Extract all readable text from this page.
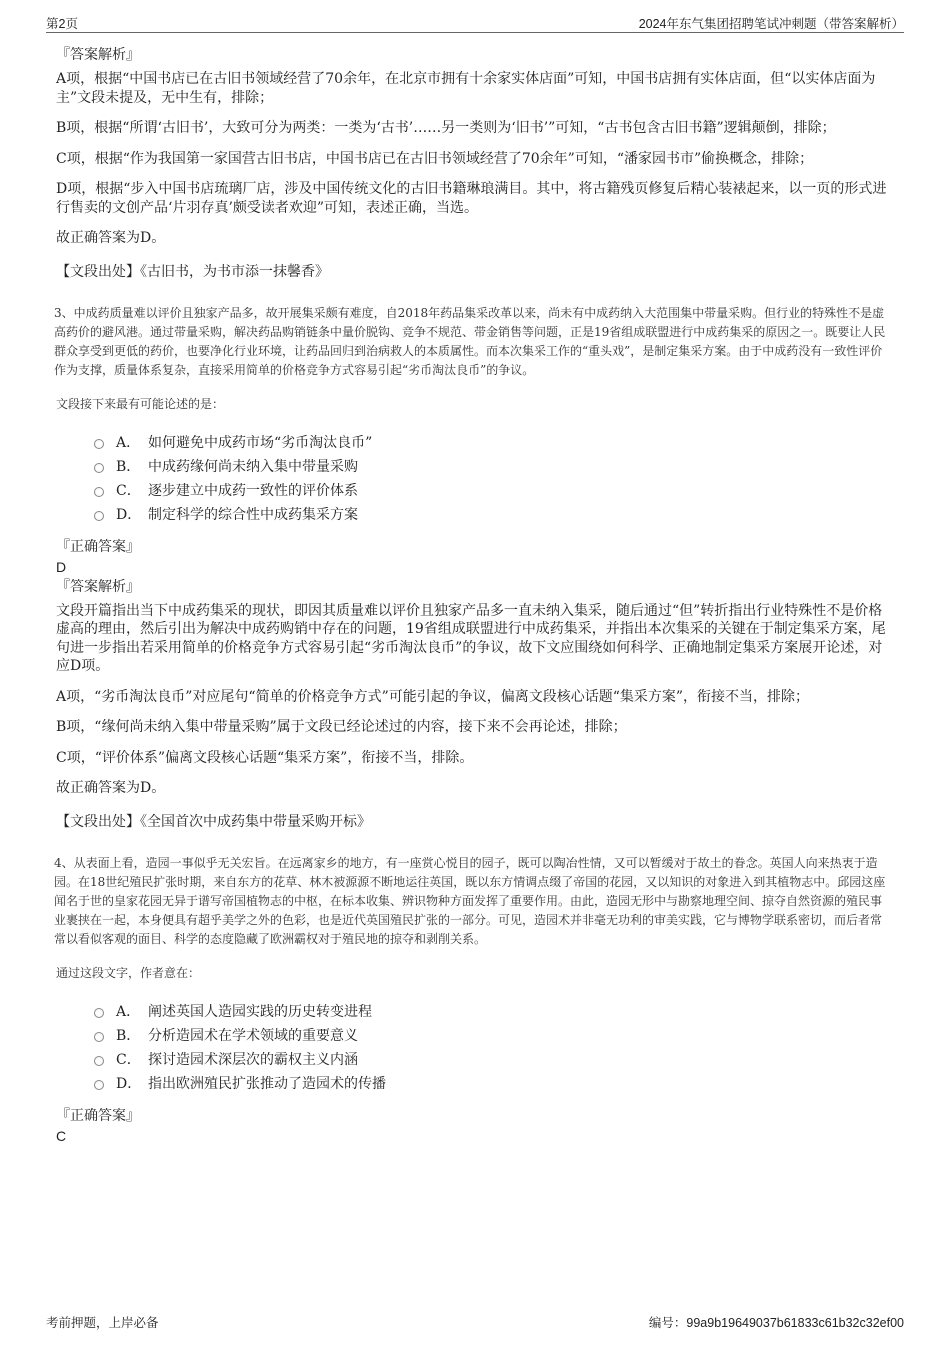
第2页	2024年东气集团招聘笔试冲刺题（带答案解析）

『答案解析』

A项，根据“中国书店已在古旧书领域经营了70余年，在北京市拥有十余家实体店面”可知，中国书店拥有实体店面，但“以实体店面为主”文段未提及，无中生有，排除；

B项，根据“所谓‘古旧书’，大致可分为两类：一类为‘古书’……另一类则为‘旧书’”可知，“古书包含古旧书籍”逻辑颠倒，排除；

C项，根据“作为我国第一家国营古旧书店，中国书店已在古旧书领域经营了70余年”可知，“潘家园书市”偷换概念，排除；

D项，根据“步入中国书店琉璃厂店，涉及中国传统文化的古旧书籍琳琅满目。其中，将古籍残页修复后精心装裱起来，以一页的形式进行售卖的文创产品‘片羽存真’颇受读者欢迎”可知，表述正确，当选。

故正确答案为D。

【文段出处】《古旧书，为书市添一抹馨香》

3、中成药质量难以评价且独家产品多，故开展集采颇有难度，自2018年药品集采改革以来，尚未有中成药纳入大范围集中带量采购。但行业的特殊性不是虚高药价的避风港。通过带量采购，解决药品购销链条中量价脱钩、竞争不规范、带金销售等问题，正是19省组成联盟进行中成药集采的原因之一。既要让人民群众享受到更低的药价，也要净化行业环境，让药品回归到治病救人的本质属性。而本次集采工作的“重头戏”，是制定集采方案。由于中成药没有一致性评价作为支撑，质量体系复杂，直接采用简单的价格竞争方式容易引起“劣币淘汰良币”的争议。

文段接下来最有可能论述的是：

A． 如何避免中成药市场“劣币淘汰良币”
B． 中成药缘何尚未纳入集中带量采购
C． 逐步建立中成药一致性的评价体系
D． 制定科学的综合性中成药集采方案

『正确答案』

D

『答案解析』

文段开篇指出当下中成药集采的现状，即因其质量难以评价且独家产品多一直未纳入集采，随后通过“但”转折指出行业特殊性不是价格虚高的理由，然后引出为解决中成药购销中存在的问题，19省组成联盟进行中成药集采，并指出本次集采的关键在于制定集采方案，尾句进一步指出若采用简单的价格竞争方式容易引起“劣币淘汰良币”的争议，故下文应围绕如何科学、正确地制定集采方案展开论述，对应D项。

A项，“劣币淘汰良币”对应尾句“简单的价格竞争方式”可能引起的争议，偏离文段核心话题“集采方案”，衔接不当，排除；

B项，“缘何尚未纳入集中带量采购”属于文段已经论述过的内容，接下来不会再论述，排除；

C项，“评价体系”偏离文段核心话题“集采方案”，衔接不当，排除。

故正确答案为D。

【文段出处】《全国首次中成药集中带量采购开标》

4、从表面上看，造园一事似乎无关宏旨。在远离家乡的地方，有一座赏心悦目的园子，既可以陶冶性情，又可以暂缓对于故土的眷念。英国人向来热衷于造园。在18世纪殖民扩张时期，来自东方的花草、林木被源源不断地运往英国，既以东方情调点缀了帝国的花园，又以知识的对象进入到其植物志中。邱园这座闻名于世的皇家花园无异于谱写帝国植物志的中枢，在标本收集、辨识物种方面发挥了重要作用。由此，造园无形中与勘察地理空间、掠夺自然资源的殖民事业裹挟在一起，本身便具有超乎美学之外的色彩，也是近代英国殖民扩张的一部分。可见，造园术并非毫无功利的审美实践，它与博物学联系密切，而后者常常以看似客观的面目、科学的态度隐藏了欧洲霸权对于殖民地的掠夺和剥削关系。

通过这段文字，作者意在：

A． 阐述英国人造园实践的历史转变进程
B． 分析造园术在学术领域的重要意义
C． 探讨造园术深层次的霸权主义内涵
D． 指出欧洲殖民扩张推动了造园术的传播

『正确答案』

C

考前押题，上岸必备	编号：99a9b19649037b61833c61b32c32ef00
